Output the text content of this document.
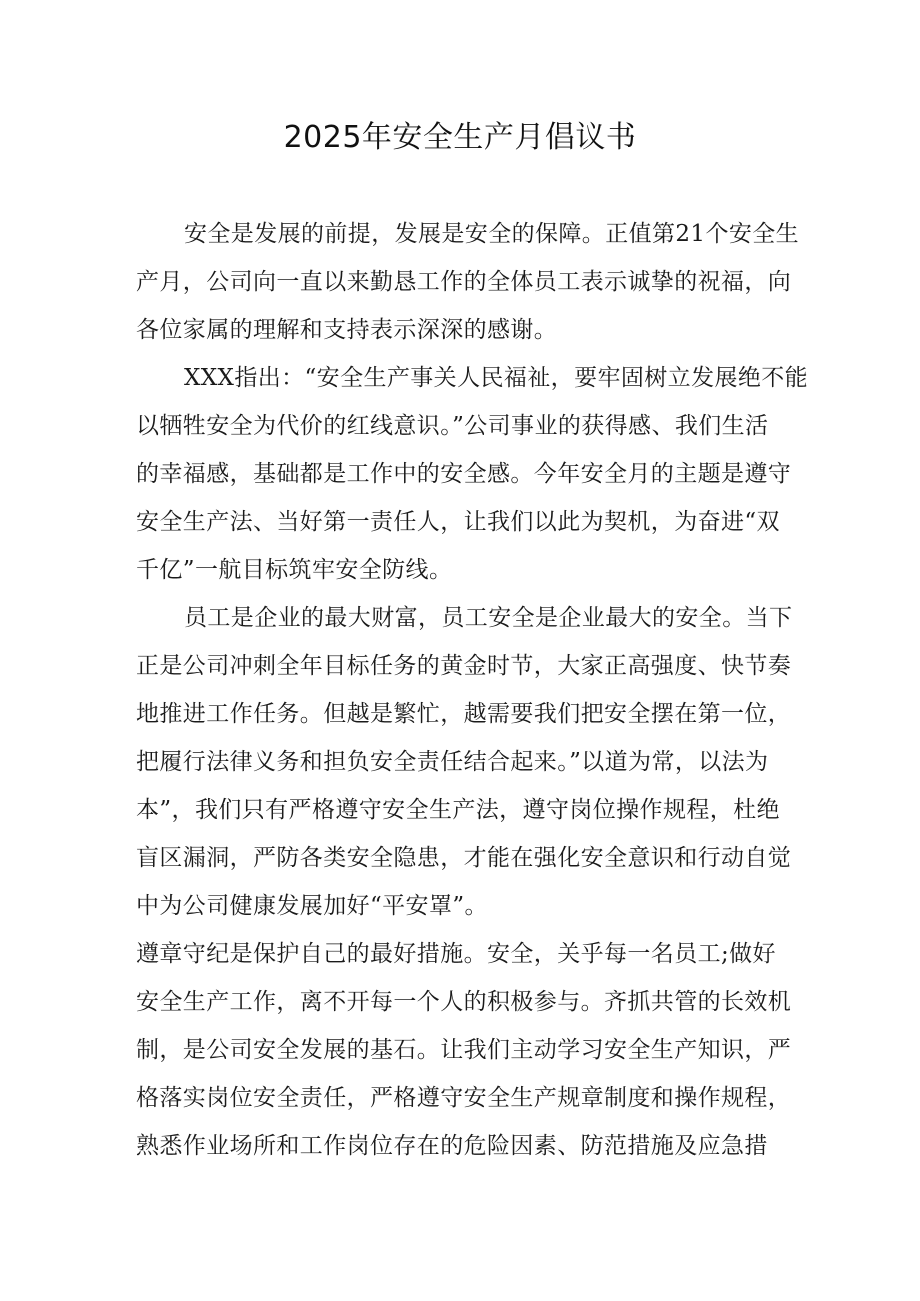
2025年安全生产月倡议书
安全是发展的前提，发展是安全的保障。正值第21个安全生
产月，公司向一直以来勤恳工作的全体员工表示诚挚的祝福，向
各位家属的理解和支持表示深深的感谢。
XXX指出：“安全生产事关人民福祉，要牢固树立发展绝不能
以牺牲安全为代价的红线意识。”公司事业的获得感、我们生活
的幸福感，基础都是工作中的安全感。今年安全月的主题是遵守
安全生产法、当好第一责任人，让我们以此为契机，为奋进“双
千亿”一航目标筑牢安全防线。
员工是企业的最大财富，员工安全是企业最大的安全。当下
正是公司冲刺全年目标任务的黄金时节，大家正高强度、快节奏
地推进工作任务。但越是繁忙，越需要我们把安全摆在第一位，
把履行法律义务和担负安全责任结合起来。”以道为常，以法为
本”，我们只有严格遵守安全生产法，遵守岗位操作规程，杜绝
盲区漏洞，严防各类安全隐患，才能在强化安全意识和行动自觉
中为公司健康发展加好“平安罩”。
遵章守纪是保护自己的最好措施。安全，关乎每一名员工;做好
安全生产工作，离不开每一个人的积极参与。齐抓共管的长效机
制，是公司安全发展的基石。让我们主动学习安全生产知识，严
格落实岗位安全责任，严格遵守安全生产规章制度和操作规程，
熟悉作业场所和工作岗位存在的危险因素、防范措施及应急措
